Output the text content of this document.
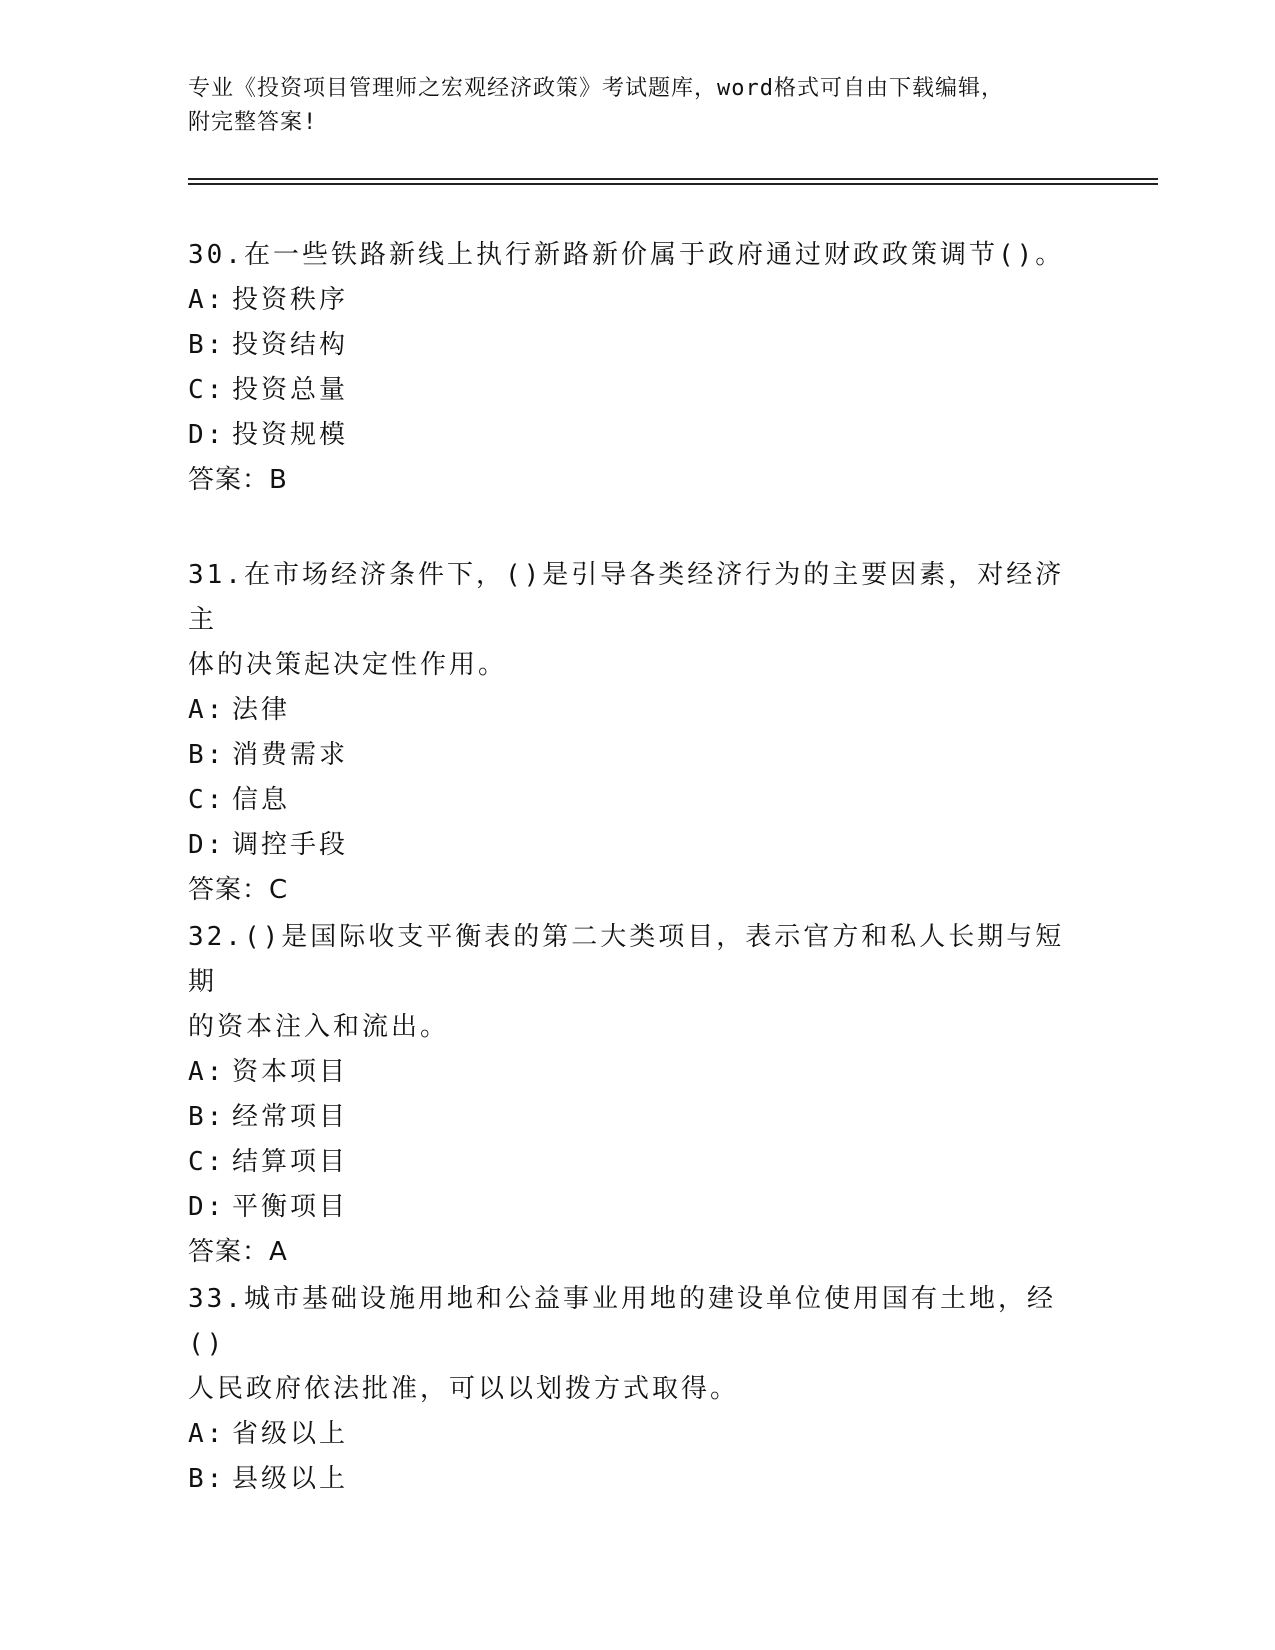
专业《投资项目管理师之宏观经济政策》考试题库，word格式可自由下载编辑，
附完整答案!

30.在一些铁路新线上执行新路新价属于政府通过财政政策调节()。

A: 投资秩序

B: 投资结构

C: 投资总量

D: 投资规模

答案：B

31.在市场经济条件下，()是引导各类经济行为的主要因素，对经济主

体的决策起决定性作用。

A: 法律

B: 消费需求

C: 信息

D: 调控手段

答案：C

32.()是国际收支平衡表的第二大类项目，表示官方和私人长期与短期

的资本注入和流出。

A: 资本项目

B: 经常项目

C: 结算项目

D: 平衡项目

答案：A

33.城市基础设施用地和公益事业用地的建设单位使用国有土地，经()

人民政府依法批准，可以以划拨方式取得。

A: 省级以上

B: 县级以上
